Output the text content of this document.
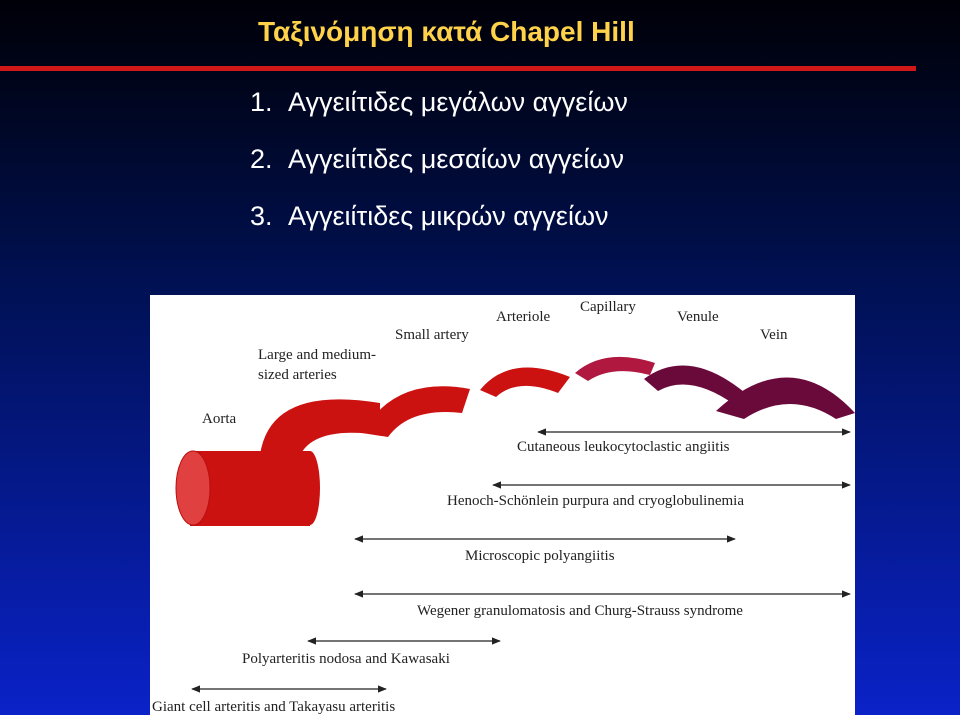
Ταξινόμηση κατά Chapel Hill
1. Αγγειίτιδες μεγάλων αγγείων
2. Αγγειίτιδες μεσαίων αγγείων
3. Αγγειίτιδες μικρών αγγείων
Aorta
Large and medium-
sized arteries
Small artery
Arteriole
Capillary
Venule
Vein
Cutaneous leukocytoclastic angiitis
Henoch-Schönlein purpura and cryoglobulinemia
Microscopic polyangiitis
Wegener granulomatosis and Churg-Strauss syndrome
Polyarteritis nodosa and Kawasaki
Giant cell arteritis and Takayasu arteritis
